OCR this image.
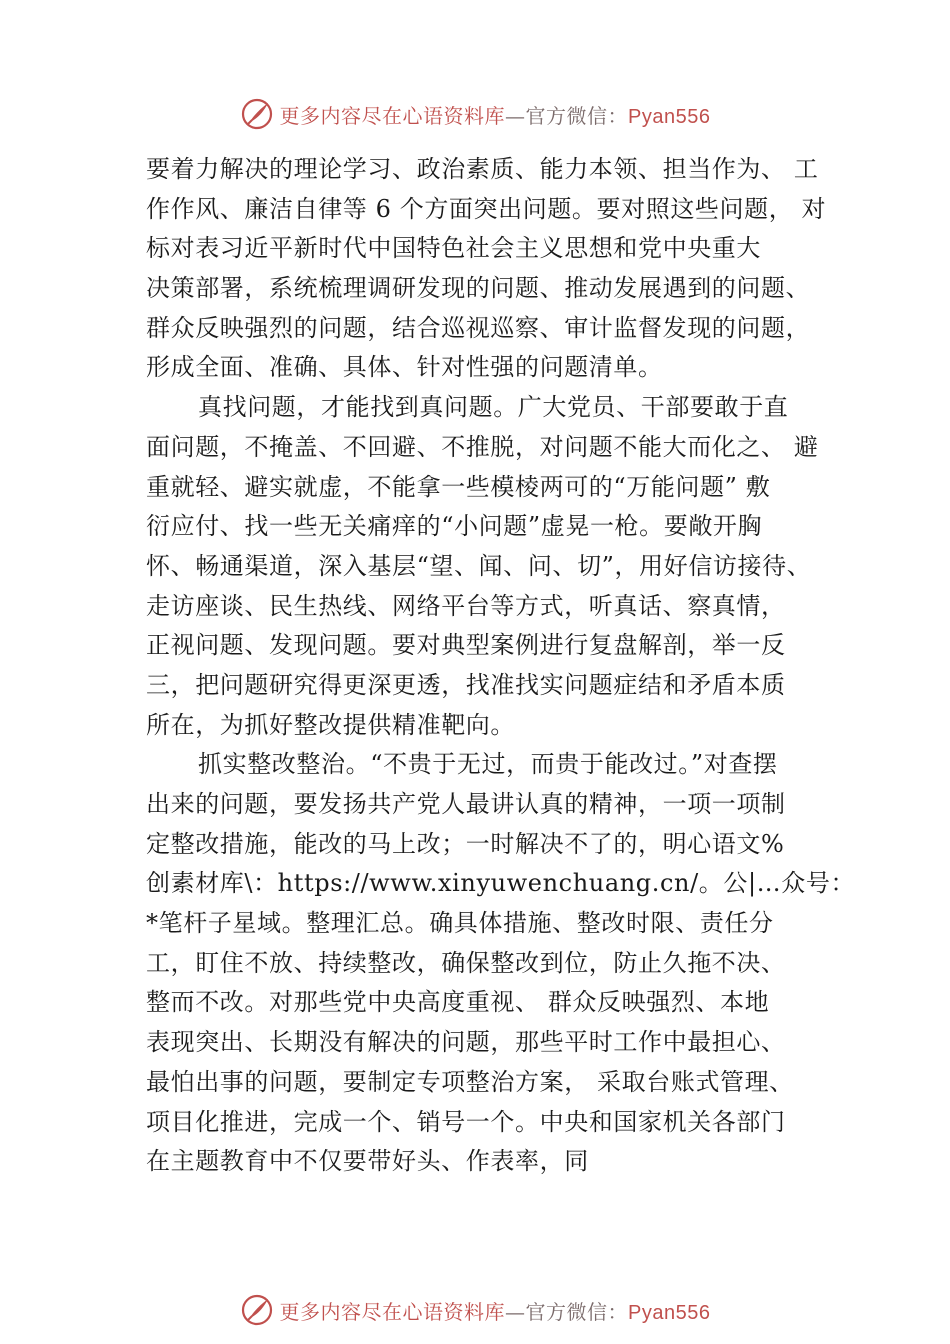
更多内容尽在心语资料库—官方微信：Pyan556
要着力解决的理论学习、政治素质、能力本领、担当作为、 工
作作风、廉洁自律等 6 个方面突出问题。要对照这些问题， 对
标对表习近平新时代中国特色社会主义思想和党中央重大
决策部署，系统梳理调研发现的问题、推动发展遇到的问题、
群众反映强烈的问题，结合巡视巡察、审计监督发现的问题，
形成全面、准确、具体、针对性强的问题清单。
真找问题，才能找到真问题。广大党员、干部要敢于直
面问题，不掩盖、不回避、不推脱，对问题不能大而化之、 避
重就轻、避实就虚，不能拿一些模棱两可的“万能问题” 敷
衍应付、找一些无关痛痒的“小问题”虚晃一枪。要敞开胸
怀、畅通渠道，深入基层“望、闻、问、切”，用好信访接待、
走访座谈、民生热线、网络平台等方式，听真话、察真情，
正视问题、发现问题。要对典型案例进行复盘解剖，举一反
三，把问题研究得更深更透，找准找实问题症结和矛盾本质
所在，为抓好整改提供精准靶向。
抓实整改整治。“不贵于无过，而贵于能改过。”对查摆
出来的问题，要发扬共产党人最讲认真的精神，一项一项制
定整改措施，能改的马上改；一时解决不了的，明心语文%
创素材库\：https://www.xinyuwenchuang.cn/。公|…众号：
*笔杆子星域。整理汇总。确具体措施、整改时限、责任分
工，盯住不放、持续整改，确保整改到位，防止久拖不决、
整而不改。对那些党中央高度重视、 群众反映强烈、本地
表现突出、长期没有解决的问题，那些平时工作中最担心、
最怕出事的问题，要制定专项整治方案， 采取台账式管理、
项目化推进，完成一个、销号一个。中央和国家机关各部门
在主题教育中不仅要带好头、作表率，同
更多内容尽在心语资料库—官方微信：Pyan556
